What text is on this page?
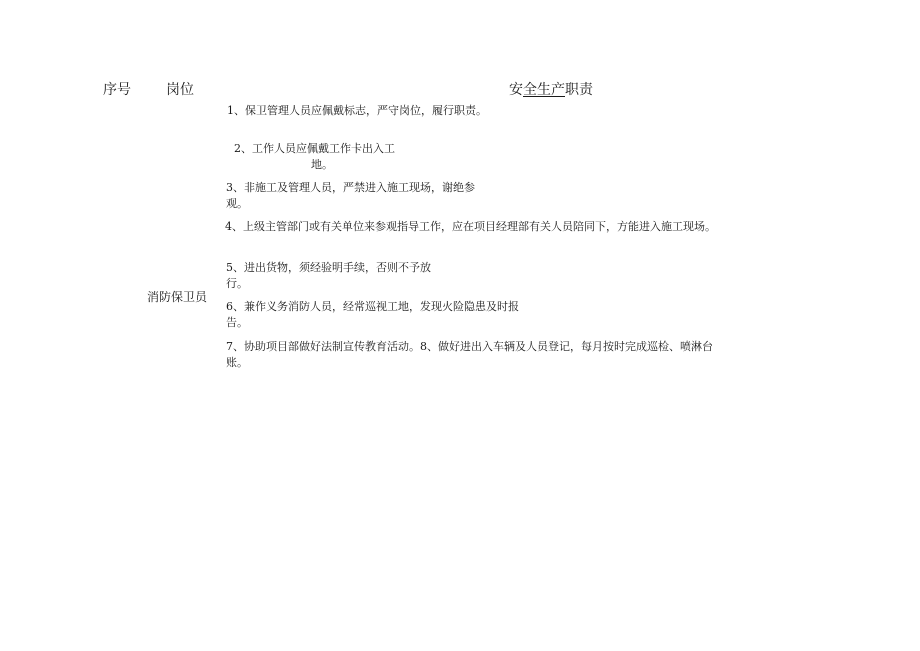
序号	岗位	安全生产职责
消防保卫员
1、保卫管理人员应佩戴标志，严守岗位，履行职责。
2、工作人员应佩戴工作卡出入工
地。
3、非施工及管理人员，严禁进入施工现场，谢绝参
观。
4、上级主管部门或有关单位来参观指导工作，应在项目经理部有关人员陪同下，方能进入施工现场。
5、进出货物，须经验明手续，否则不予放
行。
6、兼作义务消防人员，经常巡视工地，发现火险隐患及时报
告。
7、协助项目部做好法制宣传教育活动。8、做好进出入车辆及人员登记，每月按时完成巡检、喷淋台
账。
